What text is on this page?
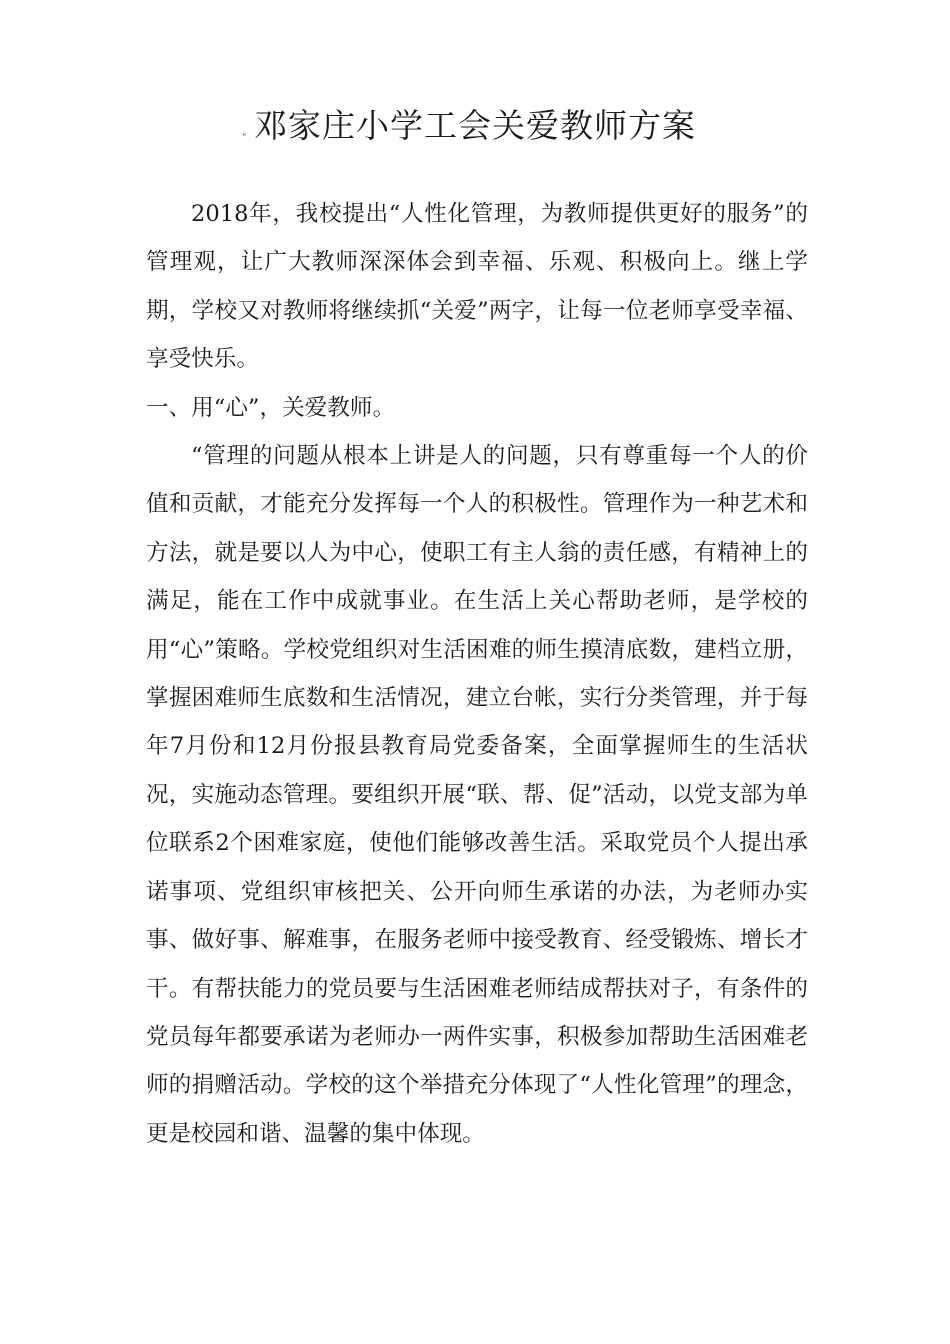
“ 邓家庄小学工会关爱教师方案

2018年，我校提出“人性化管理，为教师提供更好的服务”的管理观，让广大教师深深体会到幸福、乐观、积极向上。继上学期，学校又对教师将继续抓“关爱”两字，让每一位老师享受幸福、享受快乐。

一、用“心”，关爱教师。

“管理的问题从根本上讲是人的问题，只有尊重每一个人的价值和贡献，才能充分发挥每一个人的积极性。管理作为一种艺术和方法，就是要以人为中心，使职工有主人翁的责任感，有精神上的满足，能在工作中成就事业。在生活上关心帮助老师，是学校的用“心”策略。学校党组织对生活困难的师生摸清底数，建档立册，掌握困难师生底数和生活情况，建立台帐，实行分类管理，并于每年7月份和12月份报县教育局党委备案，全面掌握师生的生活状况，实施动态管理。要组织开展“联、帮、促”活动，以党支部为单位联系2个困难家庭，使他们能够改善生活。采取党员个人提出承诺事项、党组织审核把关、公开向师生承诺的办法，为老师办实事、做好事、解难事，在服务老师中接受教育、经受锻炼、增长才干。有帮扶能力的党员要与生活困难老师结成帮扶对子，有条件的党员每年都要承诺为老师办一两件实事，积极参加帮助生活困难老师的捐赠活动。学校的这个举措充分体现了“人性化管理”的理念，更是校园和谐、温馨的集中体现。
